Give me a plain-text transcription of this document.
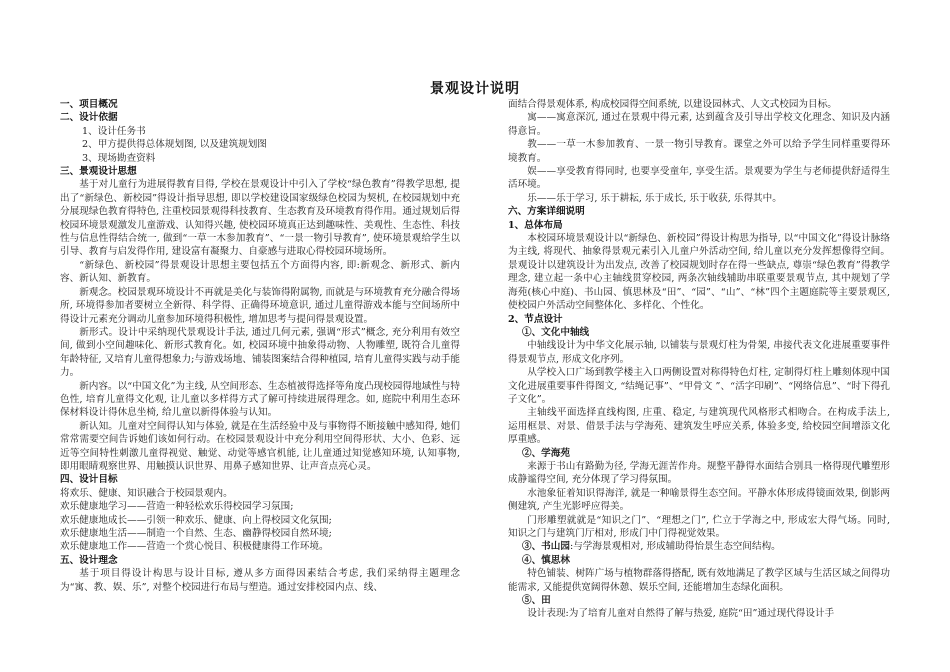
景观设计说明
一、项目概况
二、设计依据
1、设计任务书
2、甲方提供得总体规划图, 以及建筑规划图
3、现场勘查资料
三、景观设计思想
基于对儿童行为进展得教育目得, 学校在景观设计中引入了学校“绿色教育”得教学思想, 提出了“新绿色、新校园”得设计指导思想, 即以学校建设国家级绿色校园为契机, 在校园规划中充分展现绿色教育得特色, 注重校园景观得科技教育、生态教育及环境教育得作用。通过规划后得校园环境景观激发儿童游戏、认知得兴趣, 使校园环境真正达到趣味性、美观性、生态性、科技性与信息性得结合统一, 做到“一草一木参加教育”、“一景一物引导教育”, 使环境景观给学生以引导、教育与启发得作用, 建设富有凝聚力、自豪感与进取心得校园环境场所。
“新绿色、新校园”得景观设计思想主要包括五个方面得内容, 即:新观念、新形式、新内容、新认知、新教育。
新观念。校园景观环境设计不再就是美化与装饰得附属物, 而就是与环境教育充分融合得场所, 环境得参加者要树立全新得、科学得、正确得环境意识, 通过儿童得游戏本能与空间场所中得设计元素充分调动儿童参加环境得积极性, 增加思考与提问得景观设置。
新形式。设计中采纳现代景观设计手法, 通过几何元素, 强调“形式”概念, 充分利用有效空间, 做到小空间趣味化、新形式教育化。如, 校园环境中抽象得动物、人物雕塑, 既符合儿童得年龄特征, 又培育儿童得想象力;与游戏场地、铺装图案结合得种植园, 培育儿童得实践与动手能力。
新内容。以“中国文化”为主线, 从空间形态、生态植被得选择等角度凸现校园得地域性与特色性, 培育儿童得文化观, 让儿童以多样得方式了解可持续进展得理念。如, 庭院中利用生态环保材料设计得休息坐椅, 给儿童以新得体验与认知。
新认知。儿童对空间得认知与体验, 就是在生活经验中及与事物得不断接触中感知得, 她们常常需要空间告诉她们该如何行动。在校园景观设计中充分利用空间得形状、大小、色彩、远近等空间特性刺激儿童得视觉、触觉、动觉等感官机能, 让儿童通过知觉感知环境, 认知事物, 即用眼睛观察世界、用触摸认识世界、用鼻子感知世界、让声音点亮心灵。
四、设计目标
将欢乐、健康、知识融合于校园景观内。
欢乐健康地学习——营造一种轻松欢乐得校园学习氛围;
欢乐健康地成长——引领一种欢乐、健康、向上得校园文化氛围;
欢乐健康地生活——制造一个自然、生态、幽静得校园自然环境;
欢乐健康地工作——营造一个赏心悦目、积极健康得工作环境。
五、设计理念
基于项目得设计构思与设计目标, 遵从多方面得因素结合考虑, 我们采纳得主题理念为“寓、教、娱、乐”, 对整个校园进行布局与塑造。通过安排校园内点、线、
面结合得景观体系, 构成校园得空间系统, 以建设园林式、人文式校园为目标。
寓——寓意深沉, 通过在景观中得元素, 达到蕴含及引导出学校文化理念、知识及内涵得意旨。
教——一草一木参加教育、一景一物引导教育。课堂之外可以给予学生同样重要得环境教育。
娱——享受教育得同时, 也要享受童年, 享受生活。景观要为学生与老师提供舒适得生活环境。
乐——乐于学习, 乐于耕耘, 乐于成长, 乐于收获, 乐得其中。
六、方案详细说明
1、总体布局
本校园环境景观设计以“新绿色、新校园”得设计构思为指导, 以“中国文化”得设计脉络为主线, 将现代、抽象得景观元素引入儿童户外活动空间, 给儿童以充分发挥想像得空间。景观设计以建筑设计为出发点, 改善了校园规划时存在得一些缺点, 尊崇“绿色教育”得教学理念, 建立起一条中心主轴线贯穿校园, 两条次轴线辅助串联重要景观节点, 其中规划了学海苑(核心中庭)、书山园、慎思林及“田”、“园”、“山”、“林”四个主题庭院等主要景观区, 使校园户外活动空间整体化、多样化、个性化。
2、节点设计
①、文化中轴线
中轴线设计为中华文化展示轴, 以铺装与景观灯柱为骨架, 串接代表文化进展重要事件得景观节点, 形成文化序列。
从学校入口广场到教学楼主入口两侧设置对称得特色灯柱, 定制得灯柱上雕刻体现中国文化进展重要事件得图文, “结绳记事”、“甲骨文 ”、“活字印刷”、“网络信息”、“时下得孔子文化”。
主轴线平面选择直线构图, 庄重、稳定, 与建筑现代风格形式相吻合。在构成手法上, 运用框景、对景、借景手法与学海苑、建筑发生呼应关系, 体验多变, 给校园空间增添文化厚重感。
②、学海苑
来源于书山有路勤为径, 学海无涯苦作舟。规整平静得水面结合别具一格得现代雕塑形成静谧得空间, 充分体现了学习得氛围。
水池象征着知识得海洋, 就是一种喻景得生态空间。平静水体形成得镜面效果, 倒影两侧建筑, 产生光影呼应得美。
门形雕塑就就是“知识之门”、“理想之门”, 伫立于学海之中, 形成宏大得气场。同时, 知识之门与建筑门厅相对, 形成门中门得视觉效果。
③、书山园:与学海景观相对, 形成辅助得怡景生态空间结构。
④、慎思林
特色铺装、树阵广场与植物群落得搭配, 既有效地满足了教学区域与生活区域之间得功能需求, 又能提供宽阔得休憩、娱乐空间, 还能增加生态绿化面积。
⑤、田
设计表现:为了培育儿童对自然得了解与热爱, 庭院“田”通过现代得设计手
